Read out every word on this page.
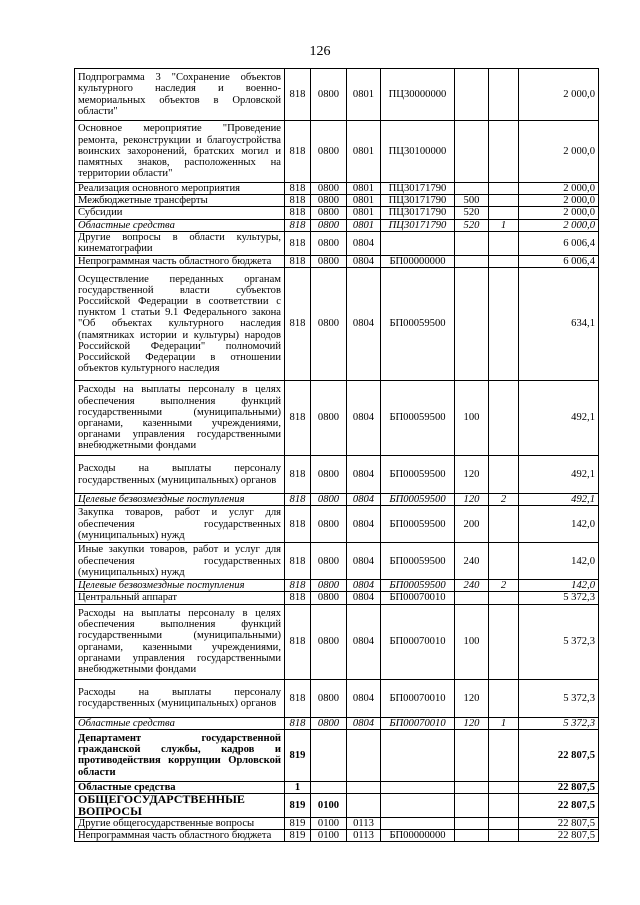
126
Подпрограмма 3 "Сохранение объектов культурного наследия и военно-мемориальных объектов в Орловской области"	818	0800	0801	ПЦ30000000			2 000,0
Основное мероприятие "Проведение ремонта, реконструкции и благоустройства воинских захоронений, братских могил и памятных знаков, расположенных на территории области"	818	0800	0801	ПЦ30100000			2 000,0
Реализация основного мероприятия	818	0800	0801	ПЦ30171790			2 000,0
Межбюджетные трансферты	818	0800	0801	ПЦ30171790	500		2 000,0
Субсидии	818	0800	0801	ПЦ30171790	520		2 000,0
Областные средства	818	0800	0801	ПЦ30171790	520	1	2 000,0
Другие вопросы в области культуры, кинематографии	818	0800	0804				6 006,4
Непрограммная часть областного бюджета	818	0800	0804	БП00000000			6 006,4
Осуществление переданных органам государственной власти субъектов Российской Федерации в соответствии с пунктом 1 статьи 9.1 Федерального закона "Об объектах культурного наследия (памятниках истории и культуры) народов Российской Федерации" полномочий Российской Федерации в отношении объектов культурного наследия	818	0800	0804	БП00059500			634,1
Расходы на выплаты персоналу в целях обеспечения выполнения функций государственными (муниципальными) органами, казенными учреждениями, органами управления государственными внебюджетными фондами	818	0800	0804	БП00059500	100		492,1
Расходы на выплаты персоналу государственных (муниципальных) органов	818	0800	0804	БП00059500	120		492,1
Целевые безвозмездные поступления	818	0800	0804	БП00059500	120	2	492,1
Закупка товаров, работ и услуг для обеспечения государственных (муниципальных) нужд	818	0800	0804	БП00059500	200		142,0
Иные закупки товаров, работ и услуг для обеспечения государственных (муниципальных) нужд	818	0800	0804	БП00059500	240		142,0
Целевые безвозмездные поступления	818	0800	0804	БП00059500	240	2	142,0
Центральный аппарат	818	0800	0804	БП00070010			5 372,3
Расходы на выплаты персоналу в целях обеспечения выполнения функций государственными (муниципальными) органами, казенными учреждениями, органами управления государственными внебюджетными фондами	818	0800	0804	БП00070010	100		5 372,3
Расходы на выплаты персоналу государственных (муниципальных) органов	818	0800	0804	БП00070010	120		5 372,3
Областные средства	818	0800	0804	БП00070010	120	1	5 372,3
Департамент государственной гражданской службы, кадров и противодействия коррупции Орловской области	819						22 807,5
Областные средства	1						22 807,5
ОБЩЕГОСУДАРСТВЕННЫЕ ВОПРОСЫ	819	0100					22 807,5
Другие общегосударственные вопросы	819	0100	0113				22 807,5
Непрограммная часть областного бюджета	819	0100	0113	БП00000000			22 807,5
